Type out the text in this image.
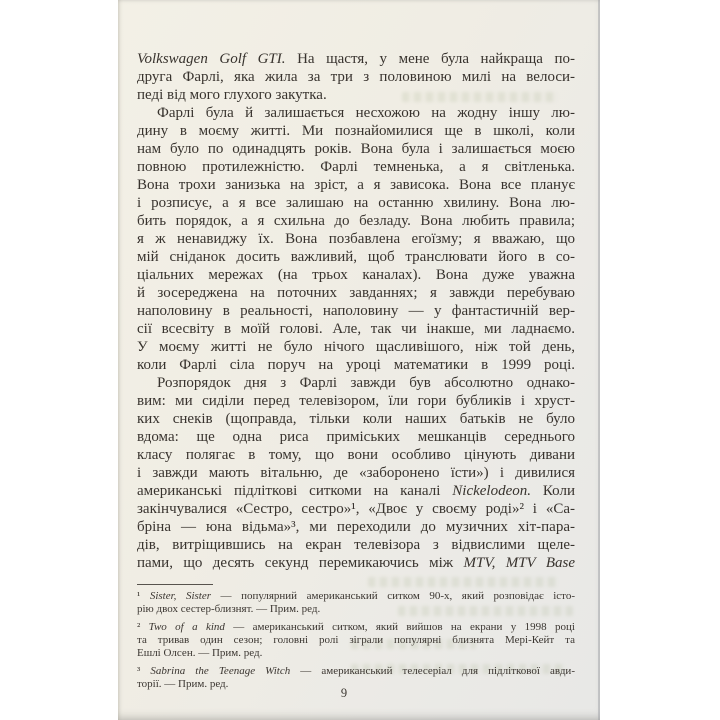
Volkswagen Golf GTI. На щастя, у мене була найкраща по-
друга Фарлі, яка жила за три з половиною милі на велоси-
педі від мого глухого закутка.
Фарлі була й залишається несхожою на жодну іншу лю-
дину в моєму житті. Ми познайомилися ще в школі, коли
нам було по одинадцять років. Вона була і залишається моєю
повною протилежністю. Фарлі темненька, а я світленька.
Вона трохи занизька на зріст, а я зависока. Вона все планує
і розписує, а я все залишаю на останню хвилину. Вона лю-
бить порядок, а я схильна до безладу. Вона любить правила;
я ж ненавиджу їх. Вона позбавлена егоїзму; я вважаю, що
мій сніданок досить важливий, щоб транслювати його в со-
ціальних мережах (на трьох каналах). Вона дуже уважна
й зосереджена на поточних завданнях; я завжди перебуваю
наполовину в реальності, наполовину — у фантастичній вер-
сії всесвіту в моїй голові. Але, так чи інакше, ми ладнаємо.
У моєму житті не було нічого щасливішого, ніж той день,
коли Фарлі сіла поруч на уроці математики в 1999 році.
Розпорядок дня з Фарлі завжди був абсолютно однако-
вим: ми сиділи перед телевізором, їли гори бубликів і хруст-
ких снеків (щоправда, тільки коли наших батьків не було
вдома: ще одна риса приміських мешканців середнього
класу полягає в тому, що вони особливо цінують дивани
і завжди мають вітальню, де «заборонено їсти») і дивилися
американські підліткові ситкоми на каналі Nickelodeon. Коли
закінчувалися «Сестро, сестро»¹, «Двоє у своєму роді»² і «Са-
бріна — юна відьма»³, ми переходили до музичних хіт-пара-
дів, витріщившись на екран телевізора з відвислими щеле-
пами, що десять секунд перемикаючись між MTV, MTV Base
¹ Sister, Sister — популярний американський ситком 90-х, який розповідає істо-
рію двох сестер-близнят. — Прим. ред.
² Two of a kind — американський ситком, який вийшов на екрани у 1998 році
та тривав один сезон; головні ролі зіграли популярні близнята Мері-Кейт та
Ешлі Олсен. — Прим. ред.
³ Sabrina the Teenage Witch — американський телесеріал для підліткової авди-
торії. — Прим. ред.
9
